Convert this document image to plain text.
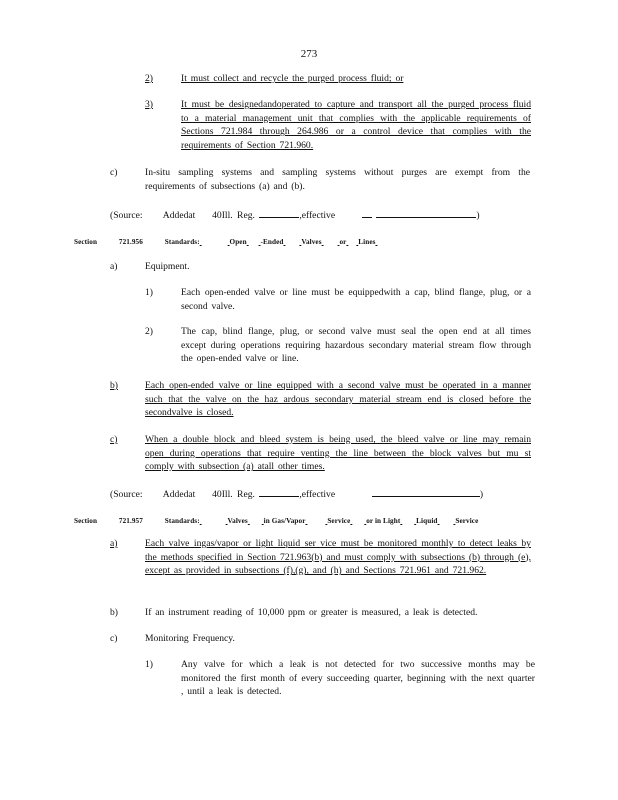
273
2)	It must collect and recycle the purged process fluid; or
3)	It must be designedandoperated to capture and transport all the purged process fluid to a material management unit that complies with the applicable requirements of Sections 721.984 through 264.986 or a control device that complies with the requirements of Section 721.960.
c)	In-situ sampling systems and sampling systems without purges are exempt from the requirements of subsections (a) and (b).
(Source: Addedat 40Ill. Reg.	,effective	)
Section	721.956	Standards:	Open -Ended Valves or Lines
a)	Equipment.
1)	Each open-ended valve or line must be equippedwith a cap, blind flange, plug, or a second valve.
2)	The cap, blind flange, plug, or second valve must seal the open end at all times except during operations requiring hazardous secondary material stream flow through the open-ended valve or line.
b)	Each open-ended valve or line equipped with a second valve must be operated in a manner such that the valve on the haz ardous secondary material stream end is closed before the secondvalve is closed.
c)	When a double block and bleed system is being used, the bleed valve or line may remain open during operations that require venting the line between the block valves but mu st comply with subsection (a) atall other times.
(Source: Addedat 40Ill. Reg.	,effective	)
Section	721.957	Standards:	Valves in Gas/Vapor	Service or in Light Liquid Service
a)	Each valve ingas/vapor or light liquid ser vice must be monitored monthly to detect leaks by the methods specified in Section 721.963(b) and must comply with subsections (b) through (e), except as provided in subsections (f),(g), and (h) and Sections 721.961 and 721.962.
b)	If an instrument reading of 10,000 ppm or greater is measured, a leak is detected.
c)	Monitoring Frequency.
1)	Any valve for which a leak is not detected for two successive months may be monitored the first month of every succeeding quarter, beginning with the next quarter , until a leak is detected.
